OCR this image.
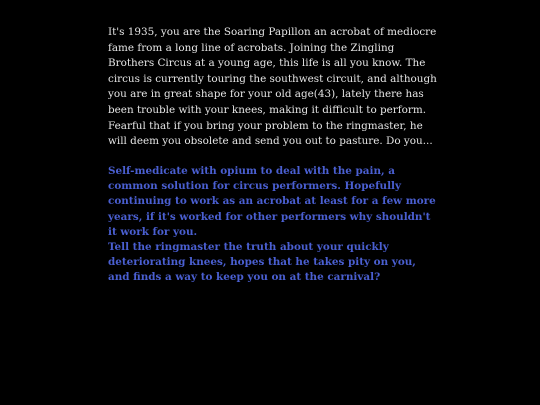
It's 1935, you are the Soaring Papillon an acrobat of mediocre fame from a long line of acrobats. Joining the Zingling Brothers Circus at a young age, this life is all you know. The circus is currently touring the southwest circuit, and although you are in great shape for your old age(43), lately there has been trouble with your knees, making it difficult to perform. Fearful that if you bring your problem to the ringmaster, he will deem you obsolete and send you out to pasture. Do you...

Self-medicate with opium to deal with the pain, a common solution for circus performers. Hopefully continuing to work as an acrobat at least for a few more years, if it's worked for other performers why shouldn't it work for you.
Tell the ringmaster the truth about your quickly deteriorating knees, hopes that he takes pity on you, and finds a way to keep you on at the carnival?
